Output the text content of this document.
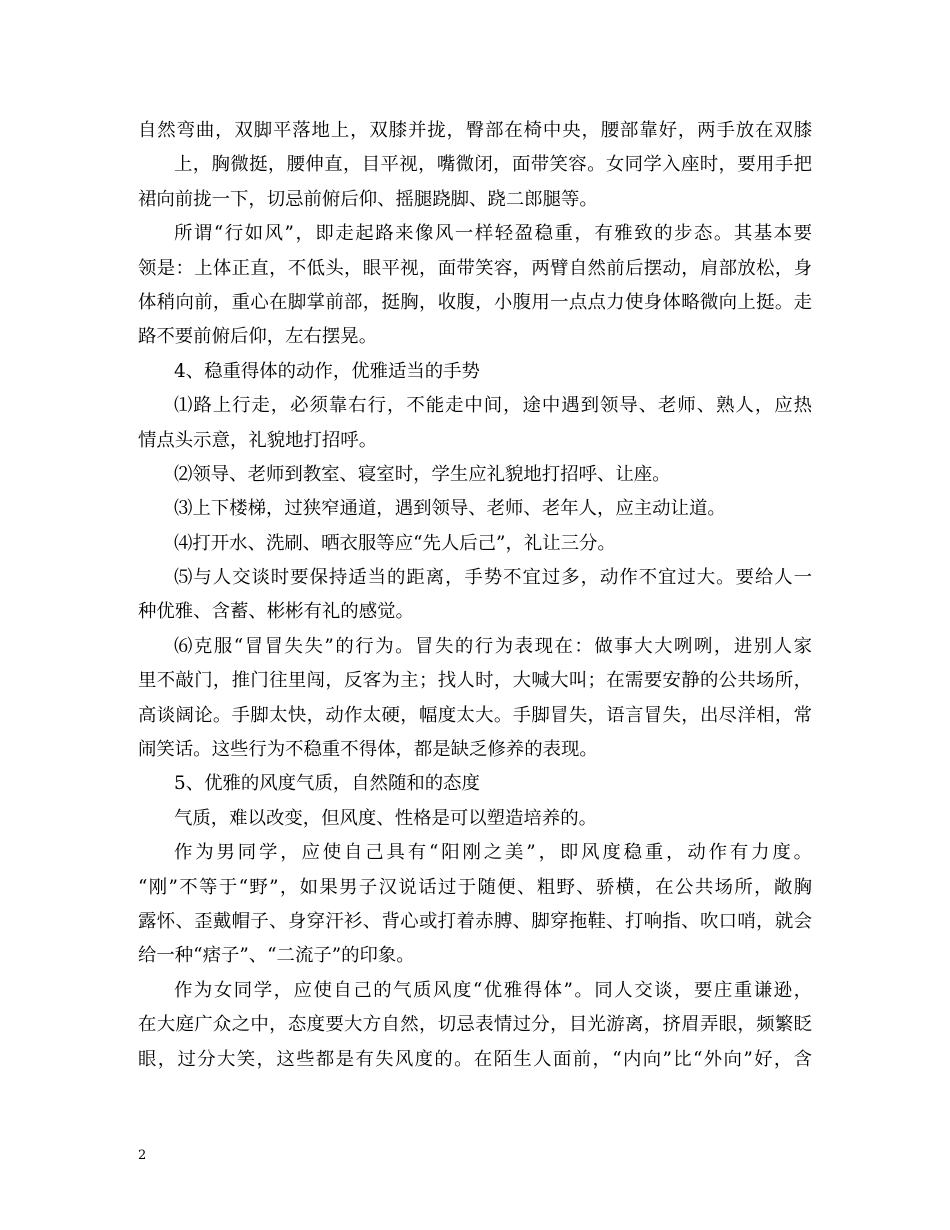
自然弯曲，双脚平落地上，双膝并拢，臀部在椅中央，腰部靠好，两手放在双膝
上，胸微挺，腰伸直，目平视，嘴微闭，面带笑容。女同学入座时，要用手把
裙向前拢一下，切忌前俯后仰、摇腿跷脚、跷二郎腿等。
所谓“行如风”，即走起路来像风一样轻盈稳重，有雅致的步态。其基本要
领是：上体正直，不低头，眼平视，面带笑容，两臂自然前后摆动，肩部放松，身
体稍向前，重心在脚掌前部，挺胸，收腹，小腹用一点点力使身体略微向上挺。走
路不要前俯后仰，左右摆晃。
4、稳重得体的动作，优雅适当的手势
⑴路上行走，必须靠右行，不能走中间，途中遇到领导、老师、熟人，应热
情点头示意，礼貌地打招呼。
⑵领导、老师到教室、寝室时，学生应礼貌地打招呼、让座。
⑶上下楼梯，过狭窄通道，遇到领导、老师、老年人，应主动让道。
⑷打开水、洗刷、晒衣服等应“先人后己”，礼让三分。
⑸与人交谈时要保持适当的距离，手势不宜过多，动作不宜过大。要给人一
种优雅、含蓄、彬彬有礼的感觉。
⑹克服“冒冒失失”的行为。冒失的行为表现在：做事大大咧咧，进别人家
里不敲门，推门往里闯，反客为主；找人时，大喊大叫；在需要安静的公共场所，
高谈阔论。手脚太快，动作太硬，幅度太大。手脚冒失，语言冒失，出尽洋相，常
闹笑话。这些行为不稳重不得体，都是缺乏修养的表现。
5、优雅的风度气质，自然随和的态度
气质，难以改变，但风度、性格是可以塑造培养的。
作为男同学，应使自己具有“阳刚之美”，即风度稳重，动作有力度。
“刚”不等于“野”，如果男子汉说话过于随便、粗野、骄横，在公共场所，敞胸
露怀、歪戴帽子、身穿汗衫、背心或打着赤膊、脚穿拖鞋、打响指、吹口哨，就会
给一种“痞子”、“二流子”的印象。
作为女同学，应使自己的气质风度“优雅得体”。同人交谈，要庄重谦逊，
在大庭广众之中，态度要大方自然，切忌表情过分，目光游离，挤眉弄眼，频繁眨
眼，过分大笑，这些都是有失风度的。在陌生人面前，“内向”比“外向”好，含
2
